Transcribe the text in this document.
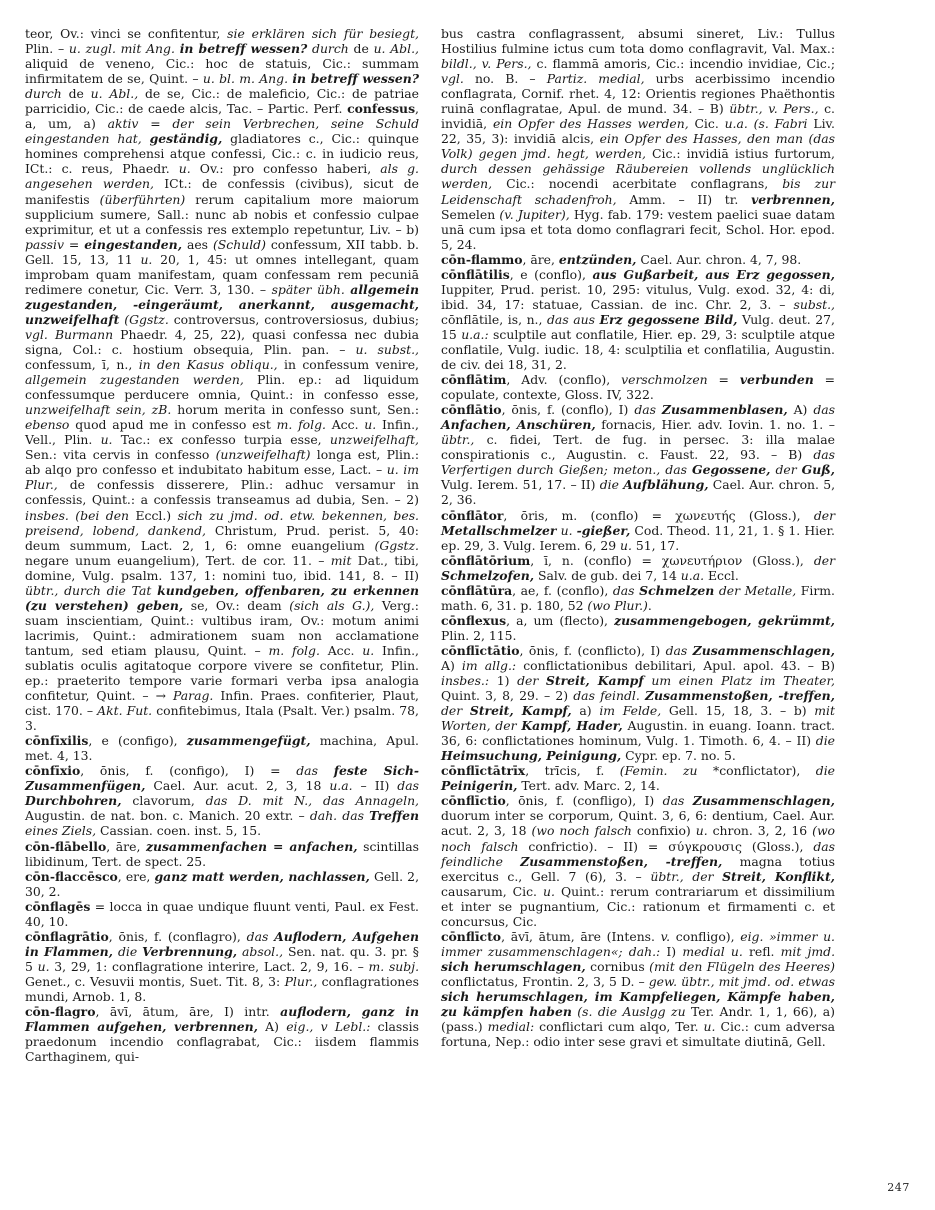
teor, Ov.: vinci se confitentur, sie erklären sich für besiegt, Plin. – u. zugl. mit Ang. in betreff wessen? durch de u. Abl., aliquid de veneno, Cic.: hoc de statuis, Cic.: summam infirmitatem de se, Quint. – u. bl. m. Ang. in betreff wessen? durch de u. Abl., de se, Cic.: de maleficio, Cic.: de patriae parricidio, Cic.: de caede alcis, Tac. – Partic. Perf. confessus, a, um, a) aktiv = der sein Verbrechen, seine Schuld eingestanden hat, geständig, gladiatores c., Cic.: quinque homines comprehensi atque confessi, Cic.: c. in iudicio reus, ICt.: c. reus, Phaedr. u. Ov.: pro confesso haberi, als g. angesehen werden, ICt.: de confessis (civibus), sicut de manifestis (überführten) rerum capitalium more maiorum supplicium sumere, Sall.: nunc ab nobis et confessio culpae exprimitur, et ut a confessis res extemplo repetuntur, Liv. – b) passiv = eingestanden, aes (Schuld) confessum, XII tabb. b. Gell. 15, 13, 11 u. 20, 1, 45: ut omnes intellegant, quam improbam quam manifestam, quam confessam rem pecuniā redimere conetur, Cic. Verr. 3, 130. – später übh. allgemein zugestanden, -eingeräumt, anerkannt, ausgemacht, unzweifelhaft (Ggstz. controversus, controversiosus, dubius; vgl. Burmann Phaedr. 4, 25, 22), quasi confessa nec dubia signa, Col.: c. hostium obsequia, Plin. pan. – u. subst., confessum, ī, n., in den Kasus obliqu., in confessum venire, allgemein zugestanden werden, Plin. ep.: ad liquidum confessumque perducere omnia, Quint.: in confesso esse, unzweifelhaft sein, zB. horum merita in confesso sunt, Sen.: ebenso quod apud me in confesso est m. folg. Acc. u. Infin., Vell., Plin. u. Tac.: ex confesso turpia esse, unzweifelhaft, Sen.: vita cervis in confesso (unzweifelhaft) longa est, Plin.: ab alqo pro confesso et indubitato habitum esse, Lact. – u. im Plur., de confessis disserere, Plin.: adhuc versamur in confessis, Quint.: a confessis transeamus ad dubia, Sen. – 2) insbes. (bei den Eccl.) sich zu jmd. od. etw. bekennen, bes. preisend, lobend, dankend, Christum, Prud. perist. 5, 40: deum summum, Lact. 2, 1, 6: omne euangelium (Ggstz. negare unum euangelium), Tert. de cor. 11. – mit Dat., tibi, domine, Vulg. psalm. 137, 1: nomini tuo, ibid. 141, 8. – II) übtr., durch die Tat kundgeben, offenbaren, zu erkennen (zu verstehen) geben, se, Ov.: deam (sich als G.), Verg.: suam inscientiam, Quint.: vultibus iram, Ov.: motum animi lacrimis, Quint.: admirationem suam non acclamatione tantum, sed etiam plausu, Quint. – m. folg. Acc. u. Infin., sublatis oculis agitatoque corpore vivere se confitetur, Plin. ep.: praeterito tempore varie formari verba ipsa analogia confitetur, Quint. – → Parag. Infin. Praes. confiterier, Plaut, cist. 170. – Akt. Fut. confitebimus, Itala (Psalt. Ver.) psalm. 78, 3.

cōnfīxilis, e (configo), zusammengefügt, machina, Apul. met. 4, 13.

cōnfīxio, ōnis, f. (configo), I) = das feste Sich-Zusammenfügen, Cael. Aur. acut. 2, 3, 18 u.a. – II) das Durchbohren, clavorum, das D. mit N., das Annageln, Augustin. de nat. bon. c. Manich. 20 extr. – dah. das Treffen eines Ziels, Cassian. coen. inst. 5, 15.

cōn-flābello, āre, zusammenfachen = anfachen, scintillas libidinum, Tert. de spect. 25.

cōn-flaccēsco, ere, ganz matt werden, nachlassen, Gell. 2, 30, 2.

cōnflagēs = locca in quae undique fluunt venti, Paul. ex Fest. 40, 10.

cōnflagrātio, ōnis, f. (conflagro), das Auflodern, Aufgehen in Flammen, die Verbrennung, absol., Sen. nat. qu. 3. pr. § 5 u. 3, 29, 1: conflagratione interire, Lact. 2, 9, 16. – m. subj. Genet., c. Vesuvii montis, Suet. Tit. 8, 3: Plur., conflagrationes mundi, Arnob. 1, 8.

cōn-flagro, āvī, ātum, āre, I) intr. auflodern, ganz in Flammen aufgehen, verbrennen, A) eig., v Lebl.: classis praedonum incendio conflagrabat, Cic.: iisdem flammis Carthaginem, qui-

bus castra conflagrassent, absumi sineret, Liv.: Tullus Hostilius fulmine ictus cum tota domo conflagravit, Val. Max.: bildl., v. Pers., c. flammā amoris, Cic.: incendio invidiae, Cic.; vgl. no. B. – Partiz. medial, urbs acerbissimo incendio conflagrata, Cornif. rhet. 4, 12: Orientis regiones Phaëthontis ruinā conflagratae, Apul. de mund. 34. – B) übtr., v. Pers., c. invidiā, ein Opfer des Hasses werden, Cic. u.a. (s. Fabri Liv. 22, 35, 3): invidiā alcis, ein Opfer des Hasses, den man (das Volk) gegen jmd. hegt, werden, Cic.: invidiā istius furtorum, durch dessen gehässige Räubereien vollends unglücklich werden, Cic.: nocendi acerbitate conflagrans, bis zur Leidenschaft schadenfroh, Amm. – II) tr. verbrennen, Semelen (v. Jupiter), Hyg. fab. 179: vestem paelici suae datam unā cum ipsa et tota domo conflagrari fecit, Schol. Hor. epod. 5, 24.

cōn-flammo, āre, entzünden, Cael. Aur. chron. 4, 7, 98.

cōnflātilis, e (conflo), aus Gußarbeit, aus Erz gegossen, Iuppiter, Prud. perist. 10, 295: vitulus, Vulg. exod. 32, 4: di, ibid. 34, 17: statuae, Cassian. de inc. Chr. 2, 3. – subst., cōnflātile, is, n., das aus Erz gegossene Bild, Vulg. deut. 27, 15 u.a.: sculptile aut conflatile, Hier. ep. 29, 3: sculptile atque conflatile, Vulg. iudic. 18, 4: sculptilia et conflatilia, Augustin. de civ. dei 18, 31, 2.

cōnflātim, Adv. (conflo), verschmolzen = verbunden = copulate, contexte, Gloss. IV, 322.

cōnflātio, ōnis, f. (conflo), I) das Zusammenblasen, A) das Anfachen, Anschüren, fornacis, Hier. adv. Iovin. 1. no. 1. – übtr., c. fidei, Tert. de fug. in persec. 3: illa malae conspirationis c., Augustin. c. Faust. 22, 93. – B) das Verfertigen durch Gießen; meton., das Gegossene, der Guß, Vulg. Ierem. 51, 17. – II) die Aufblähung, Cael. Aur. chron. 5, 2, 36.

cōnflātor, ōris, m. (conflo) = χωνευτής (Gloss.), der Metallschmelzer u. -gießer, Cod. Theod. 11, 21, 1. § 1. Hier. ep. 29, 3. Vulg. Ierem. 6, 29 u. 51, 17.

cōnflātōrium, ī, n. (conflo) = χωνευτήριον (Gloss.), der Schmelzofen, Salv. de gub. dei 7, 14 u.a. Eccl.

cōnflātūra, ae, f. (conflo), das Schmelzen der Metalle, Firm. math. 6, 31. p. 180, 52 (wo Plur.).

cōnflexus, a, um (flecto), zusammengebogen, gekrümmt, Plin. 2, 115.

cōnflīctātio, ōnis, f. (conflicto), I) das Zusammenschlagen, A) im allg.: conflictationibus debilitari, Apul. apol. 43. – B) insbes.: 1) der Streit, Kampf um einen Platz im Theater, Quint. 3, 8, 29. – 2) das feindl. Zusammenstoßen, -treffen, der Streit, Kampf, a) im Felde, Gell. 15, 18, 3. – b) mit Worten, der Kampf, Hader, Augustin. in euang. Ioann. tract. 36, 6: conflictationes hominum, Vulg. 1. Timoth. 6, 4. – II) die Heimsuchung, Peinigung, Cypr. ep. 7. no. 5.

cōnflīctātrīx, trīcis, f. (Femin. zu *conflictator), die Peinigerin, Tert. adv. Marc. 2, 14.

cōnflīctio, ōnis, f. (confligo), I) das Zusammenschlagen, duorum inter se corporum, Quint. 3, 6, 6: dentium, Cael. Aur. acut. 2, 3, 18 (wo noch falsch confixio) u. chron. 3, 2, 16 (wo noch falsch confrictio). – II) = σύγκρουσις (Gloss.), das feindliche Zusammenstoßen, -treffen, magna totius exercitus c., Gell. 7 (6), 3. – übtr., der Streit, Konflikt, causarum, Cic. u. Quint.: rerum contrariarum et dissimilium et inter se pugnantium, Cic.: rationum et firmamenti c. et concursus, Cic.

cōnflīcto, āvī, ātum, āre (Intens. v. confligo), eig. »immer u. immer zusammenschlagen«; dah.: I) medial u. refl. mit jmd. sich herumschlagen, cornibus (mit den Flügeln des Heeres) conflictatus, Frontin. 2, 3, 5 D. – gew. übtr., mit jmd. od. etwas sich herumschlagen, im Kampfeliegen, Kämpfe haben, zu kämpfen haben (s. die Auslgg zu Ter. Andr. 1, 1, 66), a) (pass.) medial: conflictari cum alqo, Ter. u. Cic.: cum adversa fortuna, Nep.: odio inter sese gravi et simultate diutinā, Gell.

247
